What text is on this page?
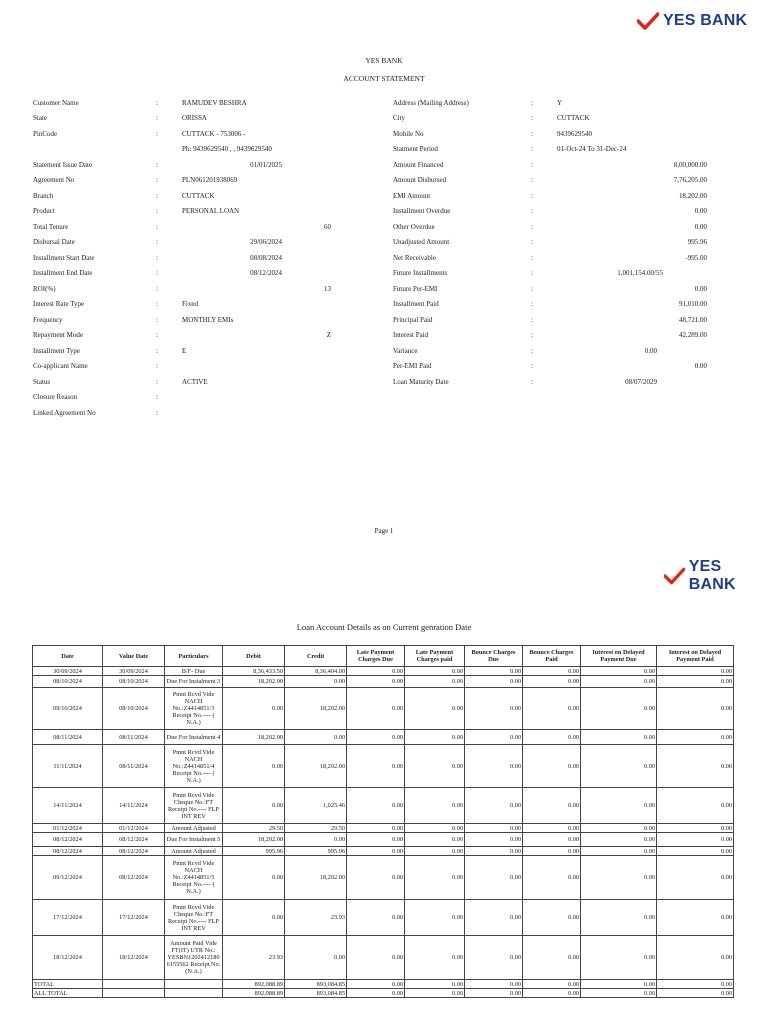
YES BANK
YES BANK
YES BANK
ACCOUNT STATEMENT
Customer Name	:	RAMUDEV BESHRA
State	:	ORISSA
PinCode	:	CUTTACK - 753006 -
Ph: 9439629540 , , 9439629540
Statement Issue Date	:	01/01/2025
Agreement No	:	PLN061201938069
Branch	:	CUTTACK
Product	:	PERSONAL LOAN
Total Tenure	:	60
Disbursal Date	:	29/06/2024
Installment Start Date	:	08/08/2024
Installment End Date	:	08/12/2024
ROI(%)	:	13
Interest Rate Type	:	Fixed
Frequency	:	MONTHLY EMIs
Repayment Mode	:	Z
Installment Type	:	E
Co-applicant Name	:
Status	:	ACTIVE
Closure Reason	:
Linked Agreement No	:
Address (Mailing Address)	:	Y
City	:	CUTTACK
Mobile No	:	9439629540
Statment Period	:	01-Oct-24 To 31-Dec-24
Amount Financed	:	8,00,000.00
Amount Disbursed	:	7,76,205.00
EMI Amount	:	18,202.00
Installment Overdue	:	0.00
Other Overdue	:	0.00
Unadjusted Amount	:	995.96
Net Receivable	:	-995.00
Future Installments	:	1,001,154.00/55
Future Per-EMI	:	0.00
Installment Paid	:	91,010.00
Principal Paid	:	48,721.00
Interest Paid	:	42,289.00
Variance	:	0.00
Per-EMI Paid	:	0.00
Loan Maturity Date	:	08/07/2029
Page 1
Loan Account Details as on Current genration Date
Date	Value Date	Particulars	Debit	Credit	Late Payment Charges Due	Late Payment Charges paid	Bounce Charges Due	Bounce Charges Paid	Interest on Delayed Payment Due	Interest on Delayed Payment Paid
30/09/2024	30/09/2024	B/F- Due	8,36,433.50	8,36,404.00	0.00	0.00	0.00	0.00	0.00	0.00
08/10/2024	08/10/2024	Due For Instalment 3	18,202.00	0.00	0.00	0.00	0.00	0.00	0.00	0.00
09/10/2024	08/10/2024	Pmnt Rcvd Vide NACH No.:Z4414851/3 Receipt No.---- ( N.A.)	0.00	18,202.00	0.00	0.00	0.00	0.00	0.00	0.00
08/11/2024	08/11/2024	Due For Instalment 4	18,202.00	0.00	0.00	0.00	0.00	0.00	0.00	0.00
11/11/2024	08/11/2024	Pmnt Rcvd Vide NACH No.:Z4414851/4 Receipt No.---- ( N.A.)	0.00	18,202.00	0.00	0.00	0.00	0.00	0.00	0.00
14/11/2024	14/11/2024	Pmnt Rcvd Vide Cheque No.:FT Receipt No.---- FLP INT REV	0.00	1,025.46	0.00	0.00	0.00	0.00	0.00	0.00
01/12/2024	01/12/2024	Amount Adjusted	29.50	29.50	0.00	0.00	0.00	0.00	0.00	0.00
08/12/2024	08/12/2024	Due For Instalment 5	18,202.00	0.00	0.00	0.00	0.00	0.00	0.00	0.00
08/12/2024	08/12/2024	Amount Adjusted	995.96	995.96	0.00	0.00	0.00	0.00	0.00	0.00
09/12/2024	08/12/2024	Pmnt Rcvd Vide NACH No.:Z4414851/5 Receipt No.---- ( N.A.)	0.00	18,202.00	0.00	0.00	0.00	0.00	0.00	0.00
17/12/2024	17/12/2024	Pmnt Rcvd Vide Cheque No.:FT Receipt No.---- FLP INT REV	0.00	23.93	0.00	0.00	0.00	0.00	0.00	0.00
18/12/2024	18/12/2024	Amount Paid Vide FT(IT) UTR No.: YESBN1202412180 6155562 Receipt No. (N.A.)	23.93	0.00	0.00	0.00	0.00	0.00	0.00	0.00
TOTAL			892,088.89	893,084.85	0.00	0.00	0.00	0.00	0.00	0.00
ALL TOTAL			892,088.89	893,084.85	0.00	0.00	0.00	0.00	0.00	0.00
